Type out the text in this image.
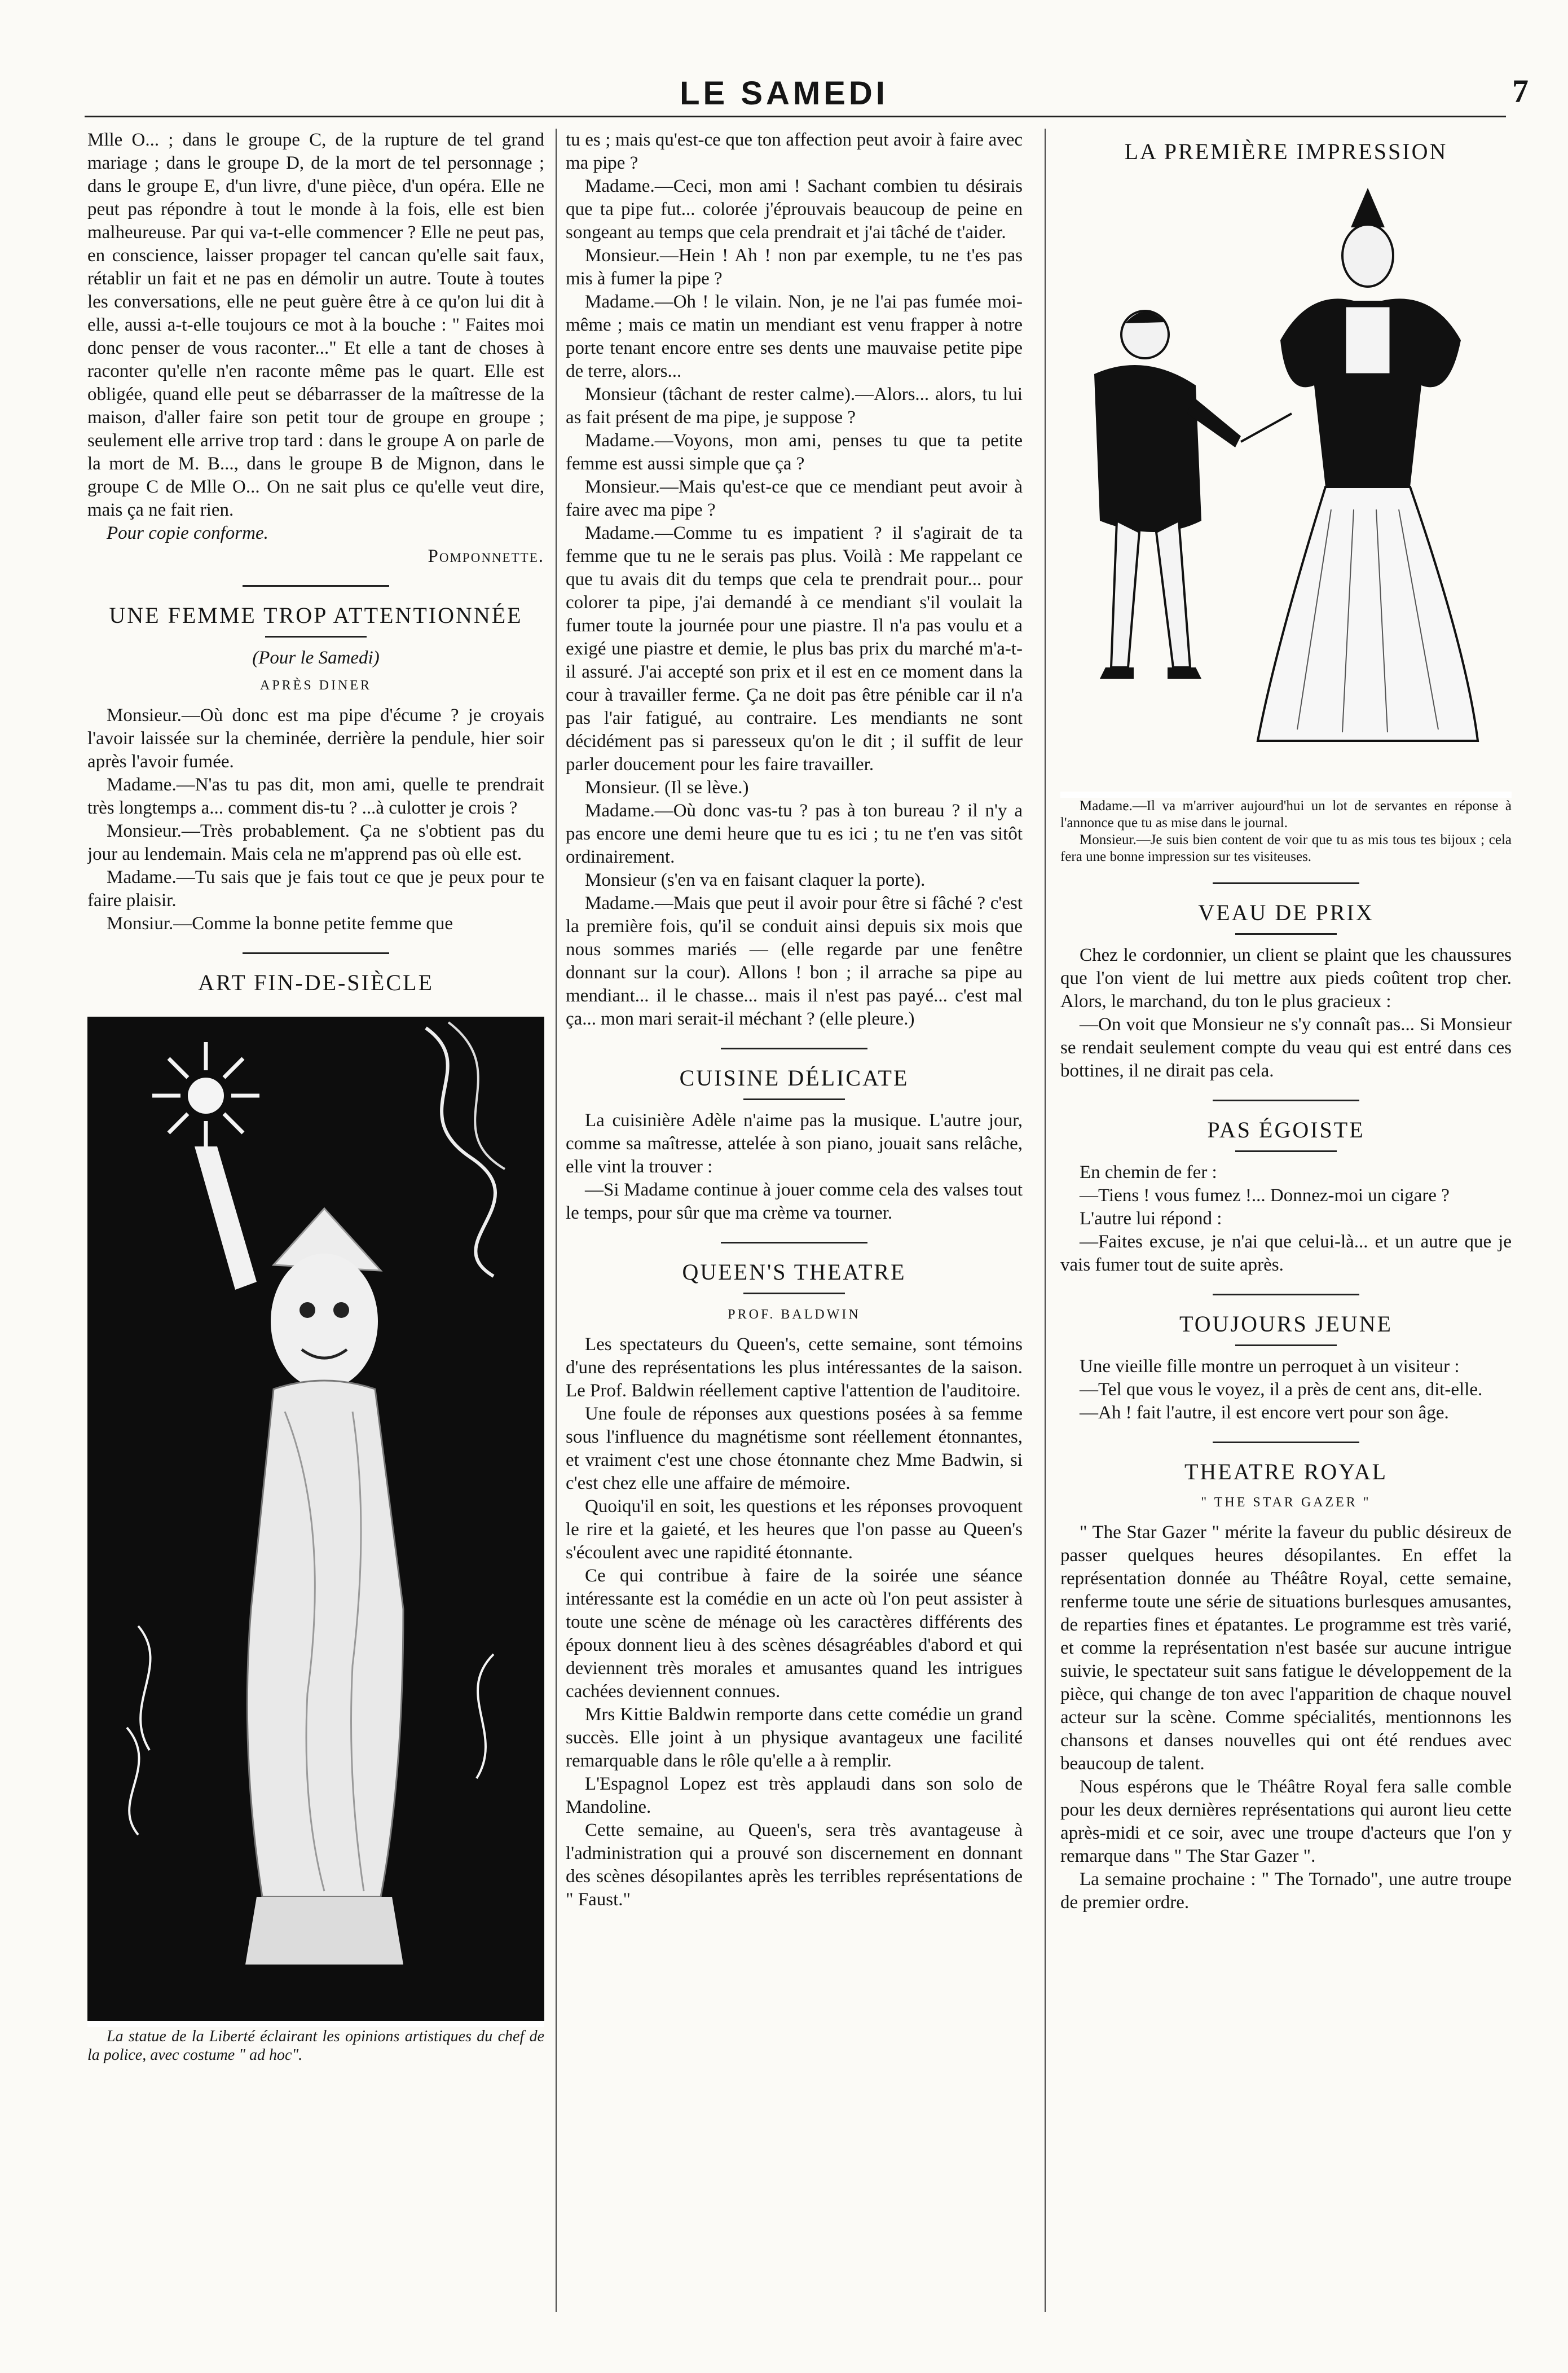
LE SAMEDI	7

Mlle O... ; dans le groupe C, de la rupture de tel grand mariage ; dans le groupe D, de la mort de tel personnage ; dans le groupe E, d'un livre, d'une pièce, d'un opéra. Elle ne peut pas répondre à tout le monde à la fois, elle est bien malheureuse. Par qui va-t-elle commencer ? Elle ne peut pas, en conscience, laisser propager tel cancan qu'elle sait faux, rétablir un fait et ne pas en démolir un autre. Toute à toutes les conversations, elle ne peut guère être à ce qu'on lui dit à elle, aussi a-t-elle toujours ce mot à la bouche : " Faites moi donc penser de vous raconter..." Et elle a tant de choses à raconter qu'elle n'en raconte même pas le quart. Elle est obligée, quand elle peut se débarrasser de la maîtresse de la maison, d'aller faire son petit tour de groupe en groupe ; seulement elle arrive trop tard : dans le groupe A on parle de la mort de M. B..., dans le groupe B de Mignon, dans le groupe C de Mlle O... On ne sait plus ce qu'elle veut dire, mais ça ne fait rien.

Pour copie conforme.

Pomponnette.

UNE FEMME TROP ATTENTIONNÉE

(Pour le Samedi)

APRÈS DINER

Monsieur.—Où donc est ma pipe d'écume ? je croyais l'avoir laissée sur la cheminée, derrière la pendule, hier soir après l'avoir fumée.

Madame.—N'as tu pas dit, mon ami, quelle te prendrait très longtemps a... comment dis-tu ? ...à culotter je crois ?

Monsieur.—Très probablement. Ça ne s'obtient pas du jour au lendemain. Mais cela ne m'apprend pas où elle est.

Madame.—Tu sais que je fais tout ce que je peux pour te faire plaisir.

Monsiur.—Comme la bonne petite femme que

ART FIN-DE-SIÈCLE

La statue de la Liberté éclairant les opinions artistiques du chef de la police, avec costume " ad hoc".

tu es ; mais qu'est-ce que ton affection peut avoir à faire avec ma pipe ?

Madame.—Ceci, mon ami ! Sachant combien tu désirais que ta pipe fut... colorée j'éprouvais beaucoup de peine en songeant au temps que cela prendrait et j'ai tâché de t'aider.

Monsieur.—Hein ! Ah ! non par exemple, tu ne t'es pas mis à fumer la pipe ?

Madame.—Oh ! le vilain. Non, je ne l'ai pas fumée moi-même ; mais ce matin un mendiant est venu frapper à notre porte tenant encore entre ses dents une mauvaise petite pipe de terre, alors...

Monsieur (tâchant de rester calme).—Alors... alors, tu lui as fait présent de ma pipe, je suppose ?

Madame.—Voyons, mon ami, penses tu que ta petite femme est aussi simple que ça ?

Monsieur.—Mais qu'est-ce que ce mendiant peut avoir à faire avec ma pipe ?

Madame.—Comme tu es impatient ? il s'agirait de ta femme que tu ne le serais pas plus. Voilà : Me rappelant ce que tu avais dit du temps que cela te prendrait pour... pour colorer ta pipe, j'ai demandé à ce mendiant s'il voulait la fumer toute la journée pour une piastre. Il n'a pas voulu et a exigé une piastre et demie, le plus bas prix du marché m'a-t-il assuré. J'ai accepté son prix et il est en ce moment dans la cour à travailler ferme. Ça ne doit pas être pénible car il n'a pas l'air fatigué, au contraire. Les mendiants ne sont décidément pas si paresseux qu'on le dit ; il suffit de leur parler doucement pour les faire travailler.

Monsieur. (Il se lève.)

Madame.—Où donc vas-tu ? pas à ton bureau ? il n'y a pas encore une demi heure que tu es ici ; tu ne t'en vas sitôt ordinairement.

Monsieur (s'en va en faisant claquer la porte).

Madame.—Mais que peut il avoir pour être si fâché ? c'est la première fois, qu'il se conduit ainsi depuis six mois que nous sommes mariés — (elle regarde par une fenêtre donnant sur la cour). Allons ! bon ; il arrache sa pipe au mendiant... il le chasse... mais il n'est pas payé... c'est mal ça... mon mari serait-il méchant ? (elle pleure.)

CUISINE DÉLICATE

La cuisinière Adèle n'aime pas la musique. L'autre jour, comme sa maîtresse, attelée à son piano, jouait sans relâche, elle vint la trouver :

—Si Madame continue à jouer comme cela des valses tout le temps, pour sûr que ma crème va tourner.

QUEEN'S THEATRE
PROF. BALDWIN

Les spectateurs du Queen's, cette semaine, sont témoins d'une des représentations les plus intéressantes de la saison. Le Prof. Baldwin réellement captive l'attention de l'auditoire.

Une foule de réponses aux questions posées à sa femme sous l'influence du magnétisme sont réellement étonnantes, et vraiment c'est une chose étonnante chez Mme Badwin, si c'est chez elle une affaire de mémoire.

Quoiqu'il en soit, les questions et les réponses provoquent le rire et la gaieté, et les heures que l'on passe au Queen's s'écoulent avec une rapidité étonnante.

Ce qui contribue à faire de la soirée une séance intéressante est la comédie en un acte où l'on peut assister à toute une scène de ménage où les caractères différents des époux donnent lieu à des scènes désagréables d'abord et qui deviennent très morales et amusantes quand les intrigues cachées deviennent connues.

Mrs Kittie Baldwin remporte dans cette comédie un grand succès. Elle joint à un physique avantageux une facilité remarquable dans le rôle qu'elle a à remplir.

L'Espagnol Lopez est très applaudi dans son solo de Mandoline.

Cette semaine, au Queen's, sera très avantageuse à l'administration qui a prouvé son discernement en donnant des scènes désopilantes après les terribles représentations de " Faust."

LA PREMIÈRE IMPRESSION

Madame.—Il va m'arriver aujourd'hui un lot de servantes en réponse à l'annonce que tu as mise dans le journal.

Monsieur.—Je suis bien content de voir que tu as mis tous tes bijoux ; cela fera une bonne impression sur tes visiteuses.

VEAU DE PRIX

Chez le cordonnier, un client se plaint que les chaussures que l'on vient de lui mettre aux pieds coûtent trop cher. Alors, le marchand, du ton le plus gracieux :

—On voit que Monsieur ne s'y connaît pas... Si Monsieur se rendait seulement compte du veau qui est entré dans ces bottines, il ne dirait pas cela.

PAS ÉGOISTE

En chemin de fer :

—Tiens ! vous fumez !... Donnez-moi un cigare ?

L'autre lui répond :

—Faites excuse, je n'ai que celui-là... et un autre que je vais fumer tout de suite après.

TOUJOURS JEUNE

Une vieille fille montre un perroquet à un visiteur :

—Tel que vous le voyez, il a près de cent ans, dit-elle.

—Ah ! fait l'autre, il est encore vert pour son âge.

THEATRE ROYAL
" THE STAR GAZER "

" The Star Gazer " mérite la faveur du public désireux de passer quelques heures désopilantes. En effet la représentation donnée au Théâtre Royal, cette semaine, renferme toute une série de situations burlesques amusantes, de reparties fines et épatantes. Le programme est très varié, et comme la représentation n'est basée sur aucune intrigue suivie, le spectateur suit sans fatigue le développement de la pièce, qui change de ton avec l'apparition de chaque nouvel acteur sur la scène. Comme spécialités, mentionnons les chansons et danses nouvelles qui ont été rendues avec beaucoup de talent.

Nous espérons que le Théâtre Royal fera salle comble pour les deux dernières représentations qui auront lieu cette après-midi et ce soir, avec une troupe d'acteurs que l'on y remarque dans " The Star Gazer ".

La semaine prochaine : " The Tornado", une autre troupe de premier ordre.
